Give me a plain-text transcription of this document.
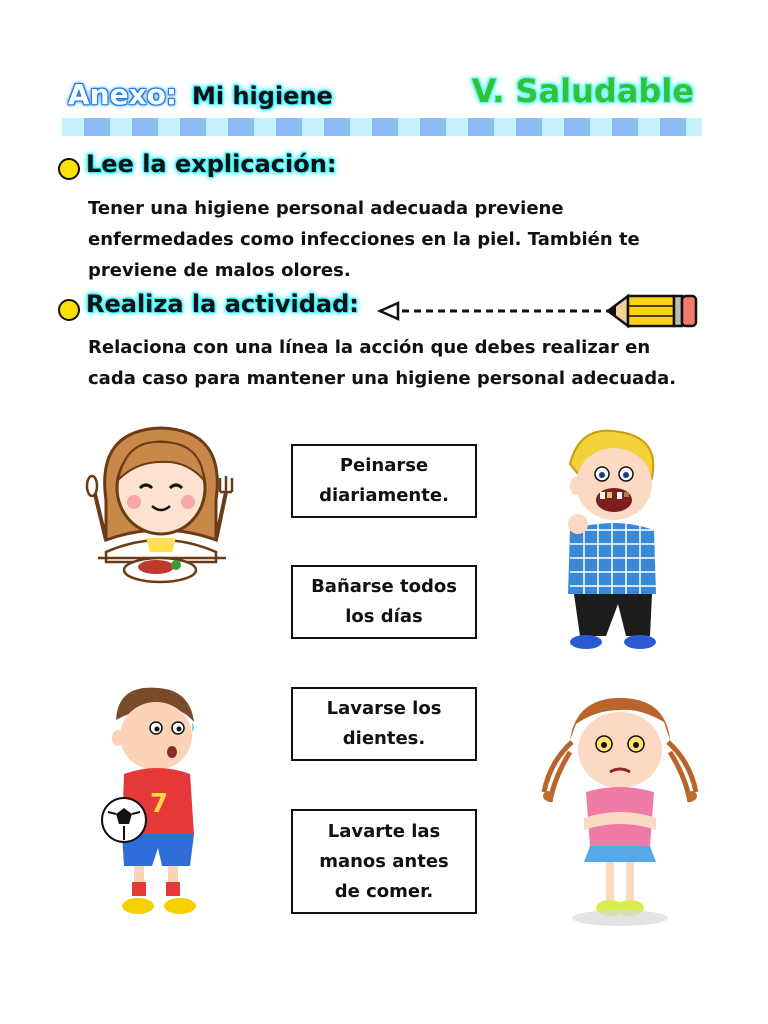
Anexo: Mi higiene	V. Saludable
Lee la explicación:
Tener una higiene personal adecuada previene
enfermedades como infecciones en la piel. También te
previene de malos olores.
Realiza la actividad:
Relaciona con una línea la acción que debes realizar en
cada caso para mantener una higiene personal adecuada.
Peinarse
diariamente.
Bañarse todos
los días
Lavarse los
dientes.
Lavarte las
manos antes
de comer.
7
